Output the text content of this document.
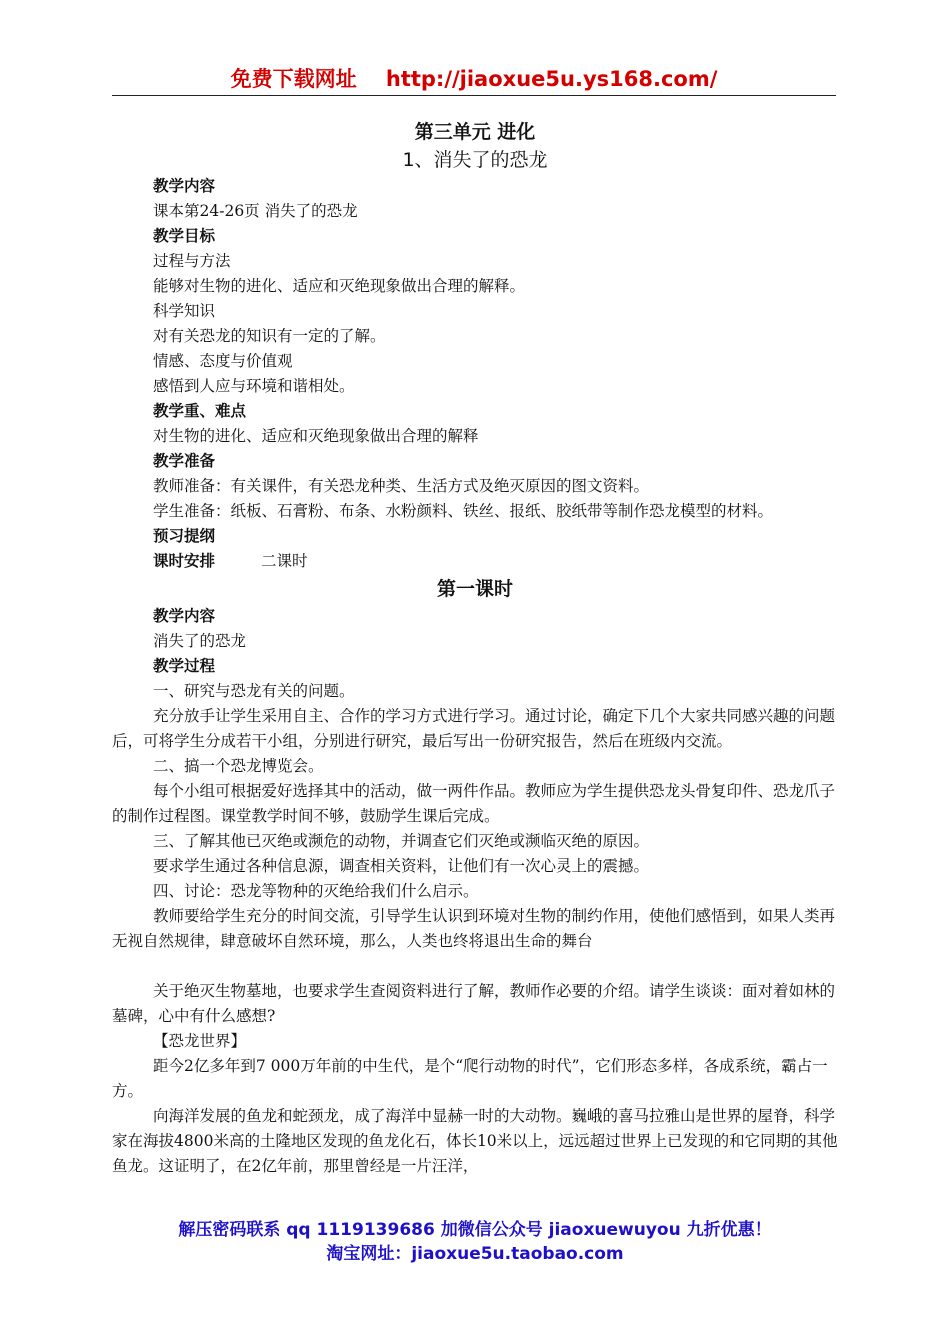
免费下载网址    http://jiaoxue5u.ys168.com/
第三单元 进化
1、消失了的恐龙

教学内容

课本第24-26页 消失了的恐龙

教学目标

过程与方法

能够对生物的进化、适应和灭绝现象做出合理的解释。

科学知识

对有关恐龙的知识有一定的了解。

情感、态度与价值观

感悟到人应与环境和谐相处。

教学重、难点

对生物的进化、适应和灭绝现象做出合理的解释

教学准备

教师准备：有关课件，有关恐龙种类、生活方式及绝灭原因的图文资料。

学生准备：纸板、石膏粉、布条、水粉颜料、铁丝、报纸、胶纸带等制作恐龙模型的材料。

预习提纲

课时安排	二课时

第一课时

教学内容

消失了的恐龙

教学过程

一、研究与恐龙有关的问题。

充分放手让学生采用自主、合作的学习方式进行学习。通过讨论，确定下几个大家共同感兴趣的问题后，可将学生分成若干小组，分别进行研究，最后写出一份研究报告，然后在班级内交流。

二、搞一个恐龙博览会。

每个小组可根据爱好选择其中的活动，做一两件作品。教师应为学生提供恐龙头骨复印件、恐龙爪子的制作过程图。课堂教学时间不够，鼓励学生课后完成。

三、了解其他已灭绝或濒危的动物，并调查它们灭绝或濒临灭绝的原因。

要求学生通过各种信息源，调查相关资料，让他们有一次心灵上的震撼。

四、讨论：恐龙等物种的灭绝给我们什么启示。

教师要给学生充分的时间交流，引导学生认识到环境对生物的制约作用，使他们感悟到，如果人类再无视自然规律，肆意破坏自然环境，那么，人类也终将退出生命的舞台

关于绝灭生物墓地，也要求学生查阅资料进行了解，教师作必要的介绍。请学生谈谈：面对着如林的墓碑，心中有什么感想?

【恐龙世界】

距今2亿多年到7 000万年前的中生代，是个“爬行动物的时代”，它们形态多样，各成系统，霸占一方。

向海洋发展的鱼龙和蛇颈龙，成了海洋中显赫一时的大动物。巍峨的喜马拉雅山是世界的屋脊，科学家在海拔4800米高的土隆地区发现的鱼龙化石，体长10米以上，远远超过世界上已发现的和它同期的其他鱼龙。这证明了，在2亿年前，那里曾经是一片汪洋，

解压密码联系 qq 1119139686 加微信公众号 jiaoxuewuyou 九折优惠！
淘宝网址：jiaoxue5u.taobao.com
